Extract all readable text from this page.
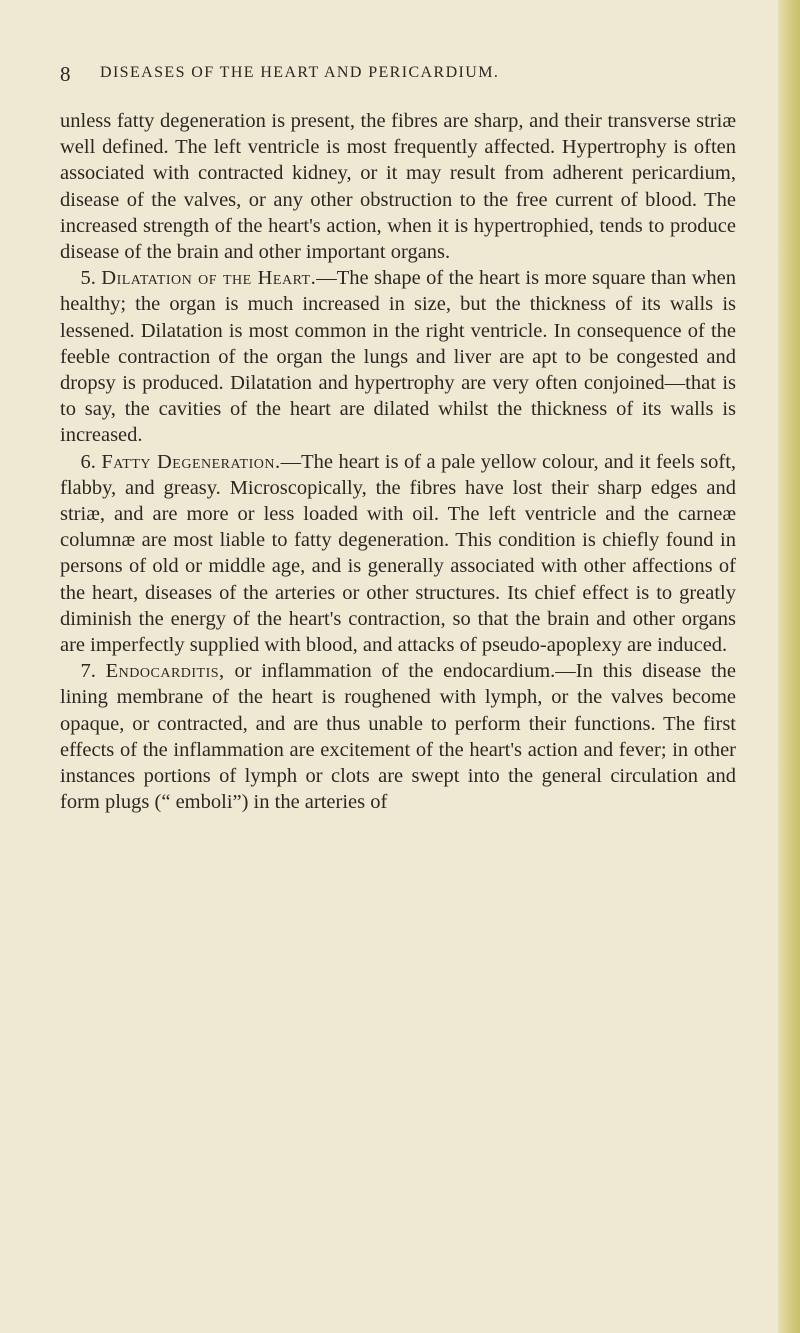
8 DISEASES OF THE HEART AND PERICARDIUM.

unless fatty degeneration is present, the fibres are sharp, and their transverse striæ well defined. The left ventricle is most frequently affected. Hypertrophy is often associated with contracted kidney, or it may result from adherent pericardium, disease of the valves, or any other obstruction to the free current of blood. The increased strength of the heart's action, when it is hypertrophied, tends to produce disease of the brain and other important organs.

 5. Dilatation of the Heart.—The shape of the heart is more square than when healthy; the organ is much increased in size, but the thickness of its walls is lessened. Dilatation is most common in the right ventricle. In consequence of the feeble contraction of the organ the lungs and liver are apt to be congested and dropsy is produced. Dilatation and hypertrophy are very often conjoined—that is to say, the cavities of the heart are dilated whilst the thickness of its walls is increased.

 6. Fatty Degeneration.—The heart is of a pale yellow colour, and it feels soft, flabby, and greasy. Microscopically, the fibres have lost their sharp edges and striæ, and are more or less loaded with oil. The left ventricle and the carneæ columnæ are most liable to fatty degeneration. This condition is chiefly found in persons of old or middle age, and is generally associated with other affections of the heart, diseases of the arteries or other structures. Its chief effect is to greatly diminish the energy of the heart's contraction, so that the brain and other organs are imperfectly supplied with blood, and attacks of pseudo-apoplexy are induced.

 7. Endocarditis, or inflammation of the endocardium.—In this disease the lining membrane of the heart is roughened with lymph, or the valves become opaque, or contracted, and are thus unable to perform their functions. The first effects of the inflammation are excitement of the heart's action and fever; in other instances portions of lymph or clots are swept into the general circulation and form plugs (“ emboli”) in the arteries of
